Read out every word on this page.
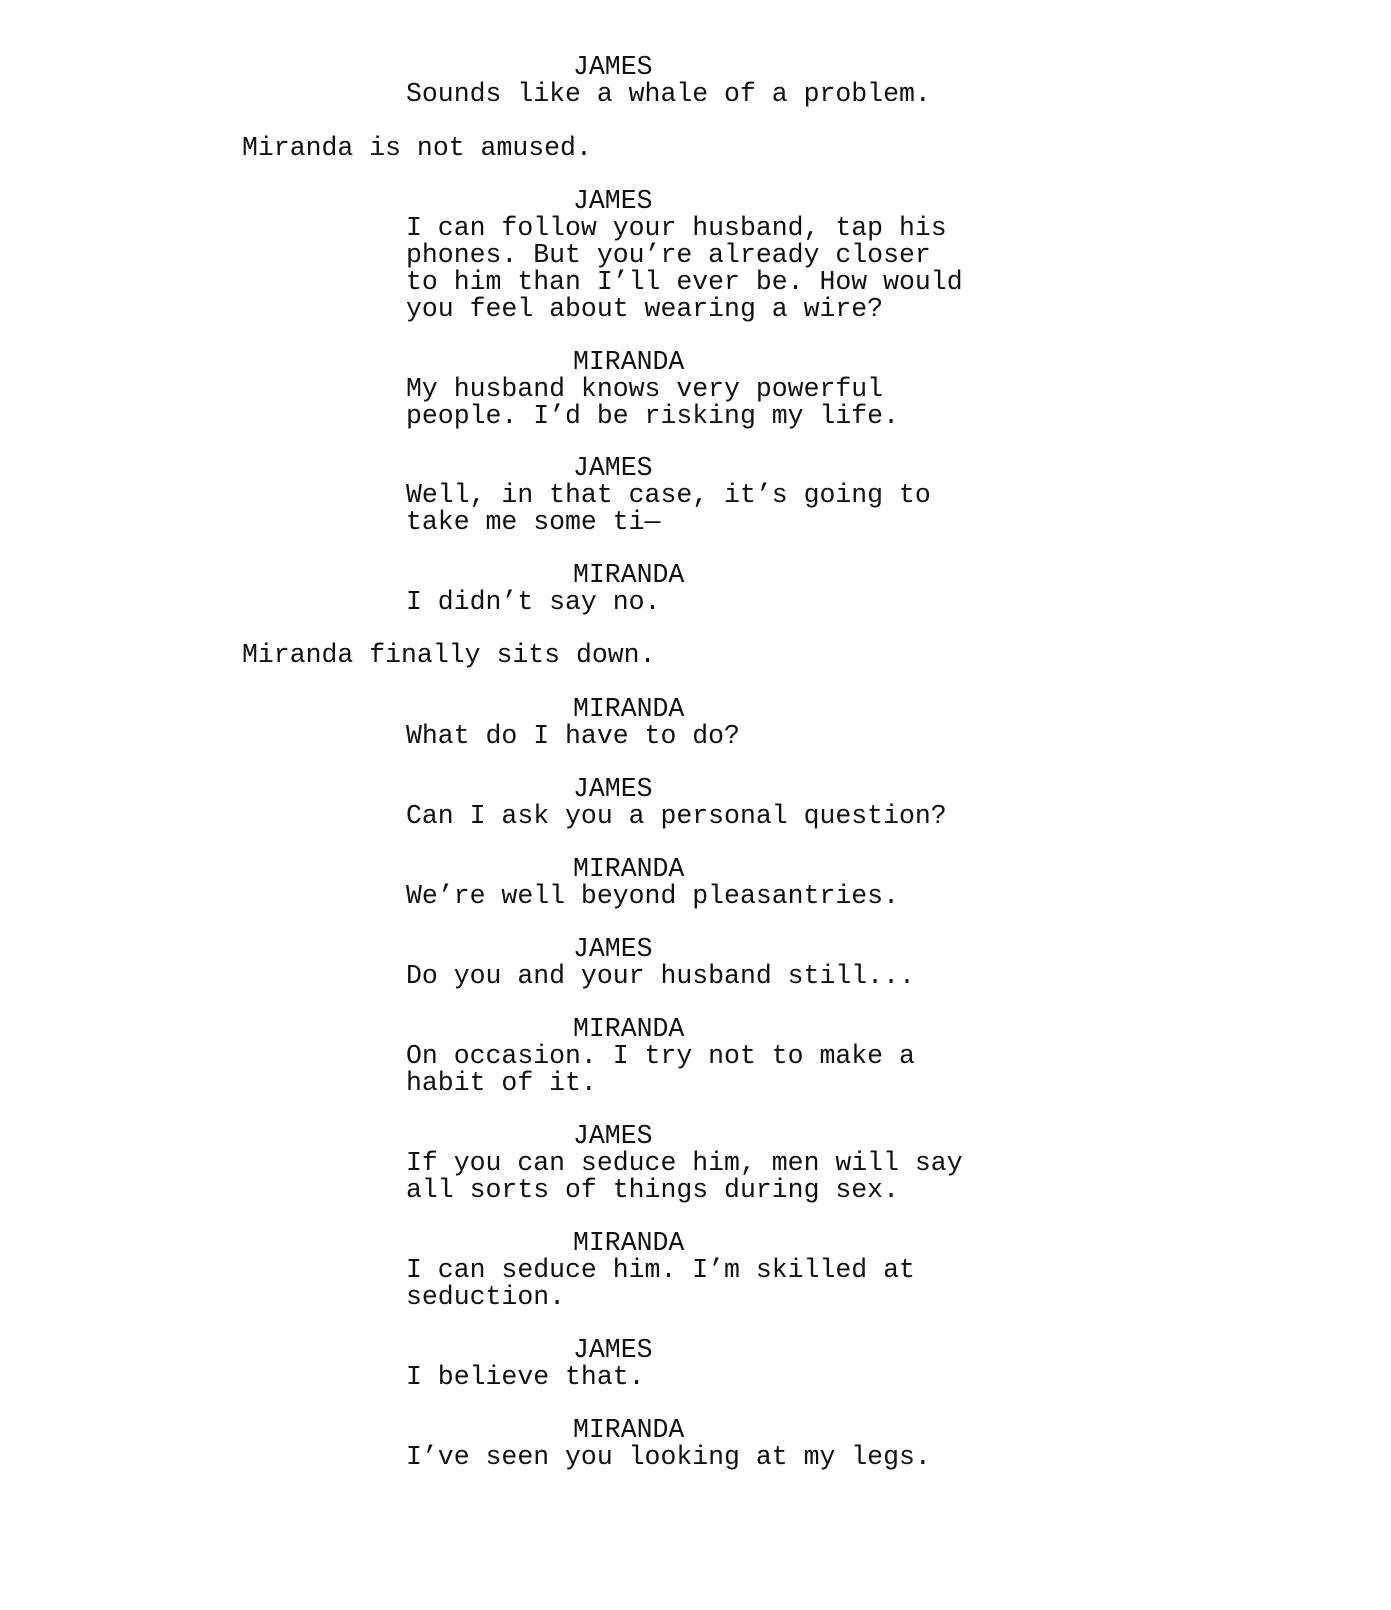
JAMES
Sounds like a whale of a problem.
Miranda is not amused.
JAMES
I can follow your husband, tap his
phones. But you’re already closer
to him than I’ll ever be. How would
you feel about wearing a wire?
MIRANDA
My husband knows very powerful
people. I’d be risking my life.
JAMES
Well, in that case, it’s going to
take me some ti—
MIRANDA
I didn’t say no.
Miranda finally sits down.
MIRANDA
What do I have to do?
JAMES
Can I ask you a personal question?
MIRANDA
We’re well beyond pleasantries.
JAMES
Do you and your husband still...
MIRANDA
On occasion. I try not to make a
habit of it.
JAMES
If you can seduce him, men will say
all sorts of things during sex.
MIRANDA
I can seduce him. I’m skilled at
seduction.
JAMES
I believe that.
MIRANDA
I’ve seen you looking at my legs.
